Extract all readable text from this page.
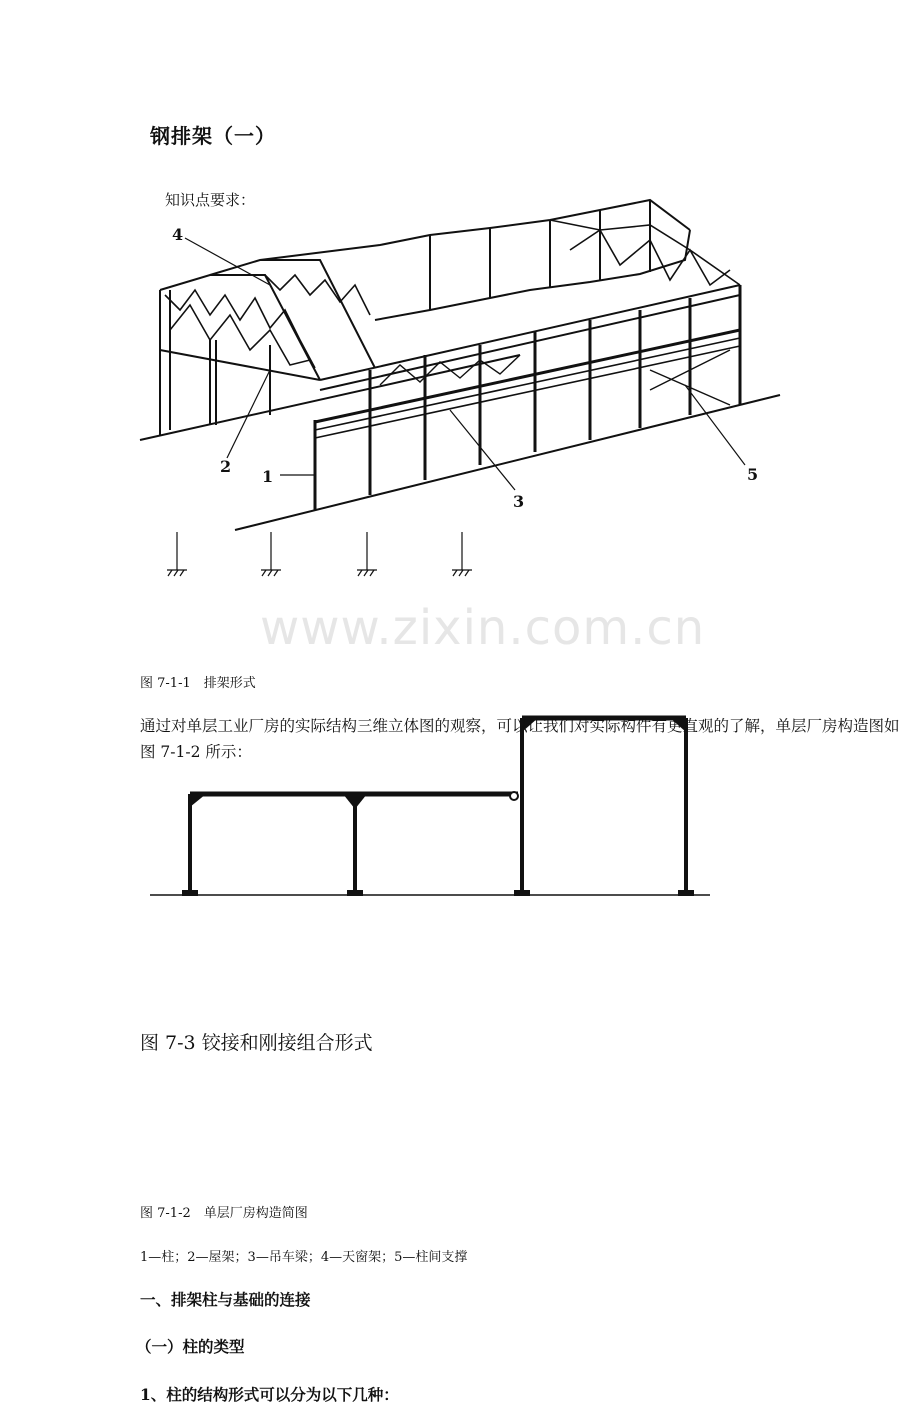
www.zixin.com.cn
钢排架（一）
知识点要求：
4
2
1
3
5
图 7-1-1　排架形式
通过对单层工业厂房的实际结构三维立体图的观察，可以让我们对实际构件有更直观的了解，单层厂房构造图如图 7-1-2 所示：
图 7-3 铰接和刚接组合形式
图 7-1-2　单层厂房构造简图
1—柱；2—屋架；3—吊车梁；4—天窗架；5—柱间支撑
一、排架柱与基础的连接
（一）柱的类型
1、柱的结构形式可以分为以下几种：
